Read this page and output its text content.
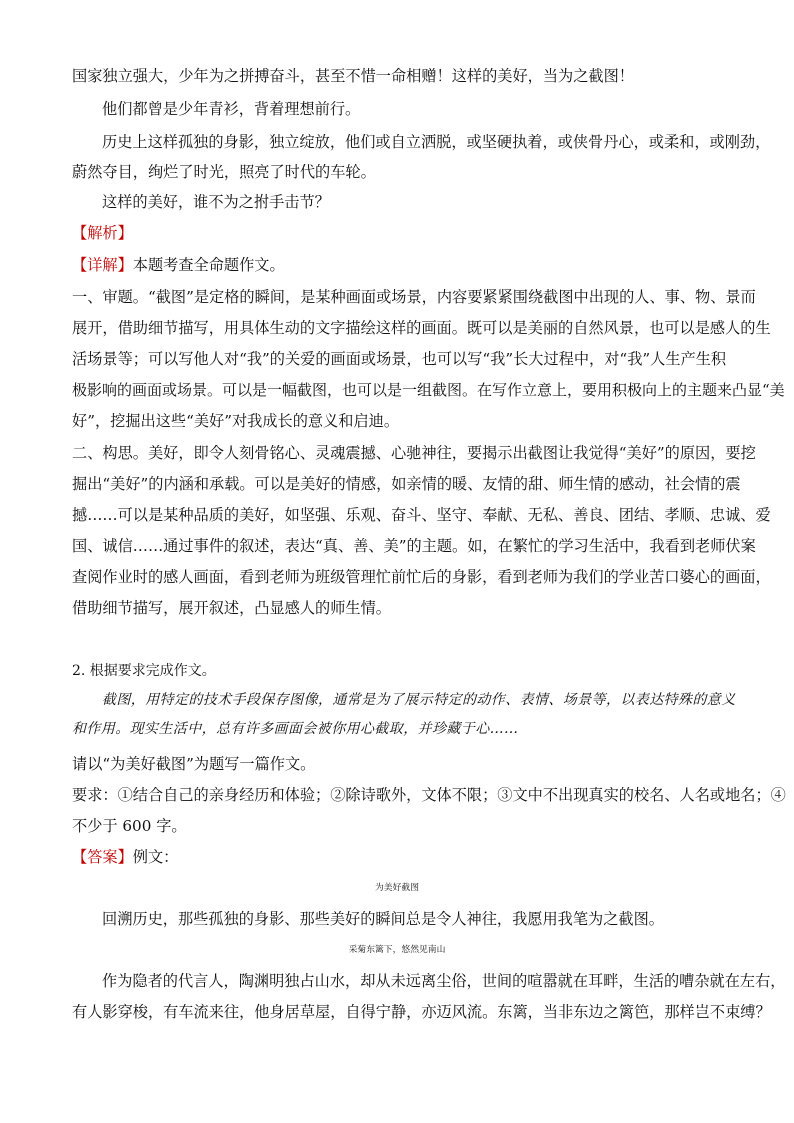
国家独立强大，少年为之拼搏奋斗，甚至不惜一命相赠！这样的美好，当为之截图！
他们都曾是少年青衫，背着理想前行。
历史上这样孤独的身影，独立绽放，他们或自立洒脱，或坚硬执着，或侠骨丹心，或柔和，或刚劲，
蔚然夺目，绚烂了时光，照亮了时代的车轮。
这样的美好，谁不为之拊手击节？
【解析】
【详解】本题考查全命题作文。
一、审题。“截图”是定格的瞬间，是某种画面或场景，内容要紧紧围绕截图中出现的人、事、物、景而
展开，借助细节描写，用具体生动的文字描绘这样的画面。既可以是美丽的自然风景，也可以是感人的生
活场景等；可以写他人对“我”的关爱的画面或场景，也可以写“我”长大过程中，对“我”人生产生积
极影响的画面或场景。可以是一幅截图，也可以是一组截图。在写作立意上，要用积极向上的主题来凸显“美
好”，挖掘出这些“美好”对我成长的意义和启迪。
二、构思。美好，即令人刻骨铭心、灵魂震撼、心驰神往，要揭示出截图让我觉得“美好”的原因，要挖
掘出“美好”的内涵和承载。可以是美好的情感，如亲情的暖、友情的甜、师生情的感动，社会情的震
撼……可以是某种品质的美好，如坚强、乐观、奋斗、坚守、奉献、无私、善良、团结、孝顺、忠诚、爱
国、诚信……通过事件的叙述，表达“真、善、美”的主题。如，在繁忙的学习生活中，我看到老师伏案
查阅作业时的感人画面，看到老师为班级管理忙前忙后的身影，看到老师为我们的学业苦口婆心的画面，
借助细节描写，展开叙述，凸显感人的师生情。
2. 根据要求完成作文。
截图，用特定的技术手段保存图像，通常是为了展示特定的动作、表情、场景等，以表达特殊的意义
和作用。现实生活中，总有许多画面会被你用心截取，并珍藏于心……
请以“为美好截图”为题写一篇作文。
要求：①结合自己的亲身经历和体验；②除诗歌外，文体不限；③文中不出现真实的校名、人名或地名；④
不少于 600 字。
【答案】例文：
为美好截图
回溯历史，那些孤独的身影、那些美好的瞬间总是令人神往，我愿用我笔为之截图。
采菊东篱下，悠然见南山
作为隐者的代言人，陶渊明独占山水，却从未远离尘俗，世间的喧嚣就在耳畔，生活的嘈杂就在左右，
有人影穿梭，有车流来往，他身居草屋，自得宁静，亦迈风流。东篱，当非东边之篱笆，那样岂不束缚？
